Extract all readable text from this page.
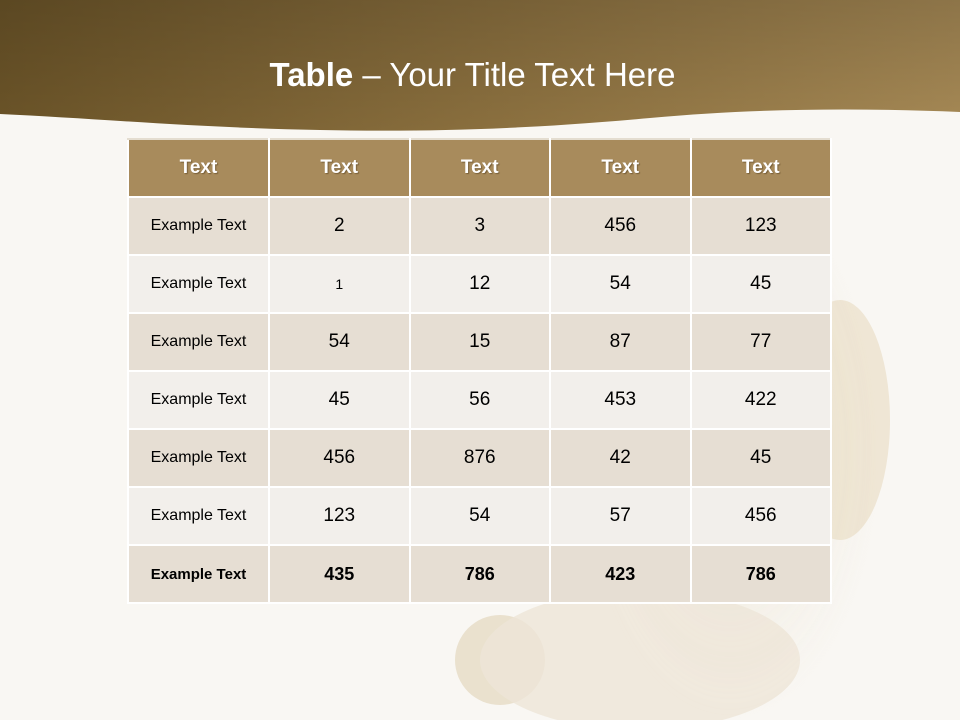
Table – Your Title Text Here
Text	Text	Text	Text	Text
Example Text	2	3	456	123
Example Text	1	12	54	45
Example Text	54	15	87	77
Example Text	45	56	453	422
Example Text	456	876	42	45
Example Text	123	54	57	456
Example Text	435	786	423	786
